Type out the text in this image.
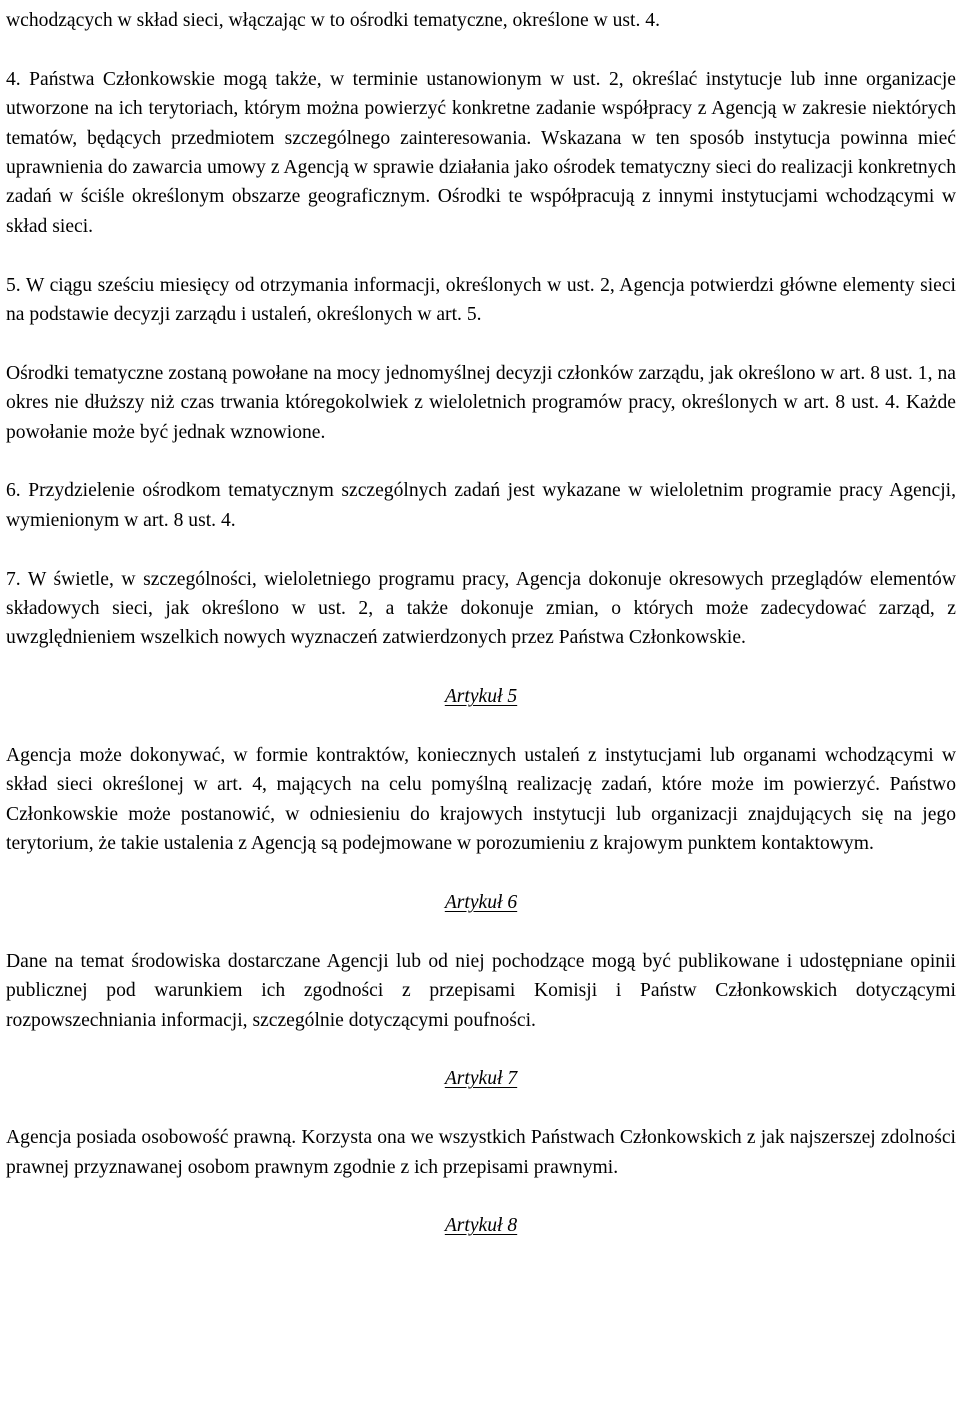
wchodzących w skład sieci, włączając w to ośrodki tematyczne, określone w ust. 4.

4. Państwa Członkowskie mogą także, w terminie ustanowionym w ust. 2, określać instytucje lub inne organizacje utworzone na ich terytoriach, którym można powierzyć konkretne zadanie współpracy z Agencją w zakresie niektórych tematów, będących przedmiotem szczególnego zainteresowania. Wskazana w ten sposób instytucja powinna mieć uprawnienia do zawarcia umowy z Agencją w sprawie działania jako ośrodek tematyczny sieci do realizacji konkretnych zadań w ściśle określonym obszarze geograficznym. Ośrodki te współpracują z innymi instytucjami wchodzącymi w skład sieci.

5. W ciągu sześciu miesięcy od otrzymania informacji, określonych w ust. 2, Agencja potwierdzi główne elementy sieci na podstawie decyzji zarządu i ustaleń, określonych w art. 5.

Ośrodki tematyczne zostaną powołane na mocy jednomyślnej decyzji członków zarządu, jak określono w art. 8 ust. 1, na okres nie dłuższy niż czas trwania któregokolwiek z wieloletnich programów pracy, określonych w art. 8 ust. 4. Każde powołanie może być jednak wznowione.

6. Przydzielenie ośrodkom tematycznym szczególnych zadań jest wykazane w wieloletnim programie pracy Agencji, wymienionym w art. 8 ust. 4.

7. W świetle, w szczególności, wieloletniego programu pracy, Agencja dokonuje okresowych przeglądów elementów składowych sieci, jak określono w ust. 2, a także dokonuje zmian, o których może zadecydować zarząd, z uwzględnieniem wszelkich nowych wyznaczeń zatwierdzonych przez Państwa Członkowskie.

Artykuł 5

Agencja może dokonywać, w formie kontraktów, koniecznych ustaleń z instytucjami lub organami wchodzącymi w skład sieci określonej w art. 4, mających na celu pomyślną realizację zadań, które może im powierzyć. Państwo Członkowskie może postanowić, w odniesieniu do krajowych instytucji lub organizacji znajdujących się na jego terytorium, że takie ustalenia z Agencją są podejmowane w porozumieniu z krajowym punktem kontaktowym.

Artykuł 6

Dane na temat środowiska dostarczane Agencji lub od niej pochodzące mogą być publikowane i udostępniane opinii publicznej pod warunkiem ich zgodności z przepisami Komisji i Państw Członkowskich dotyczącymi rozpowszechniania informacji, szczególnie dotyczącymi poufności.

Artykuł 7

Agencja posiada osobowość prawną. Korzysta ona we wszystkich Państwach Członkowskich z jak najszerszej zdolności prawnej przyznawanej osobom prawnym zgodnie z ich przepisami prawnymi.

Artykuł 8
